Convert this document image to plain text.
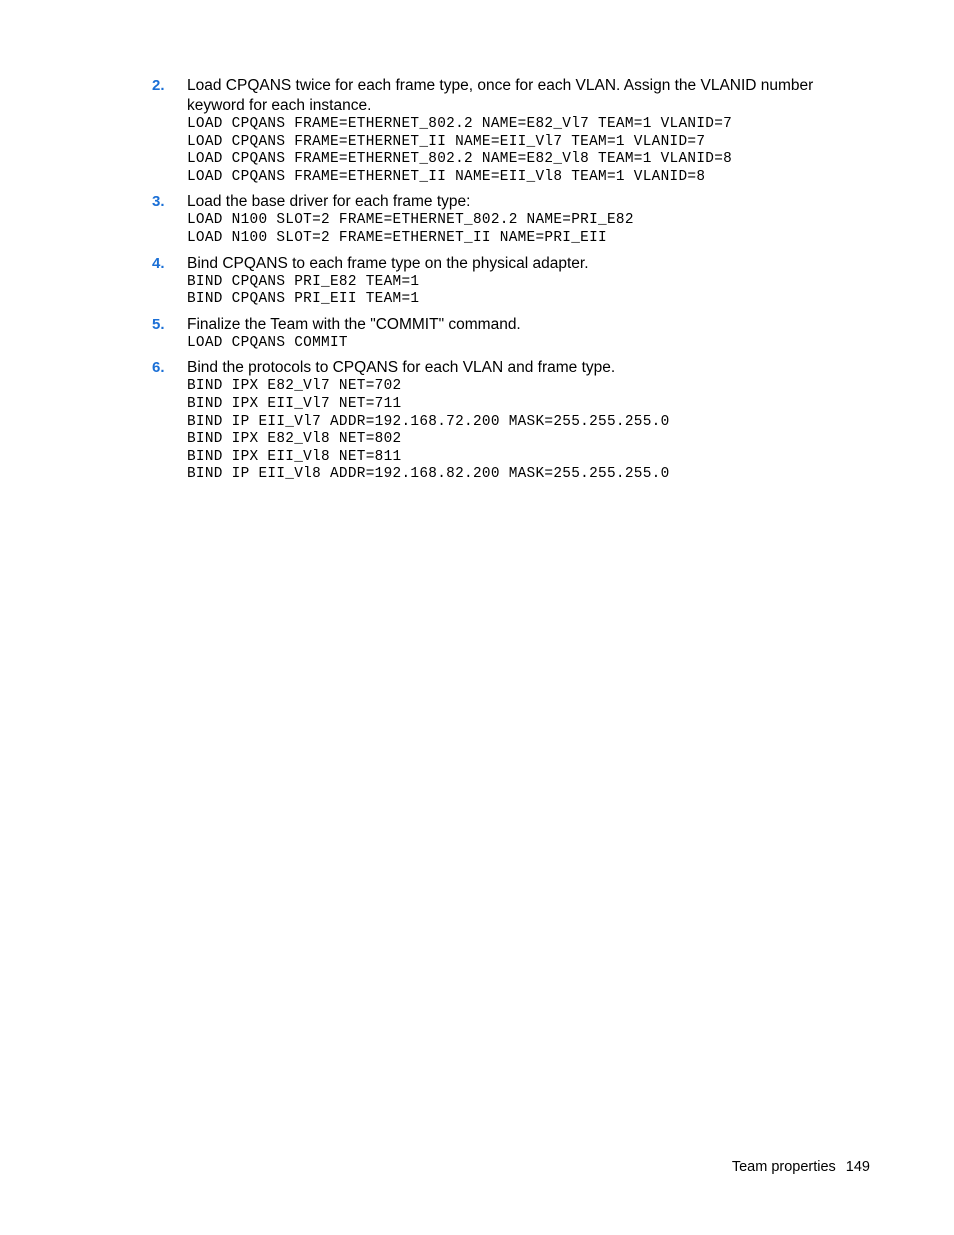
2.	Load CPQANS twice for each frame type, once for each VLAN. Assign the VLANID number keyword for each instance.
LOAD CPQANS FRAME=ETHERNET_802.2 NAME=E82_Vl7 TEAM=1 VLANID=7
LOAD CPQANS FRAME=ETHERNET_II NAME=EII_Vl7 TEAM=1 VLANID=7
LOAD CPQANS FRAME=ETHERNET_802.2 NAME=E82_Vl8 TEAM=1 VLANID=8
LOAD CPQANS FRAME=ETHERNET_II NAME=EII_Vl8 TEAM=1 VLANID=8
3.	Load the base driver for each frame type:
LOAD N100 SLOT=2 FRAME=ETHERNET_802.2 NAME=PRI_E82
LOAD N100 SLOT=2 FRAME=ETHERNET_II NAME=PRI_EII
4.	Bind CPQANS to each frame type on the physical adapter.
BIND CPQANS PRI_E82 TEAM=1
BIND CPQANS PRI_EII TEAM=1
5.	Finalize the Team with the "COMMIT" command.
LOAD CPQANS COMMIT
6.	Bind the protocols to CPQANS for each VLAN and frame type.
BIND IPX E82_Vl7 NET=702
BIND IPX EII_Vl7 NET=711
BIND IP EII_Vl7 ADDR=192.168.72.200 MASK=255.255.255.0
BIND IPX E82_Vl8 NET=802
BIND IPX EII_Vl8 NET=811
BIND IP EII_Vl8 ADDR=192.168.82.200 MASK=255.255.255.0
Team properties 149
